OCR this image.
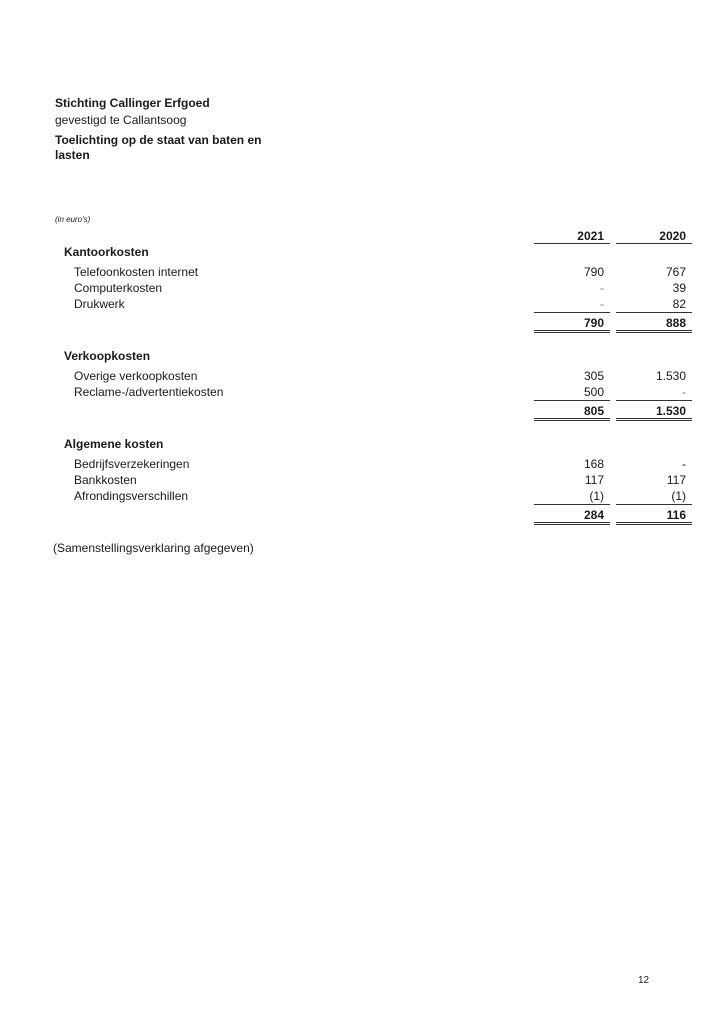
Stichting Callinger Erfgoed
gevestigd te Callantsoog
Toelichting op de staat van baten en
lasten
(in euro's)
2021	2020
Kantoorkosten
Telefoonkosten internet	790	767
Computerkosten	-	39
Drukwerk	-	82
790	888
Verkoopkosten
Overige verkoopkosten	305	1.530
Reclame-/advertentiekosten	500	-
805	1.530
Algemene kosten
Bedrijfsverzekeringen	168	-
Bankkosten	117	117
Afrondingsverschillen	(1)	(1)
284	116
(Samenstellingsverklaring afgegeven)
12
